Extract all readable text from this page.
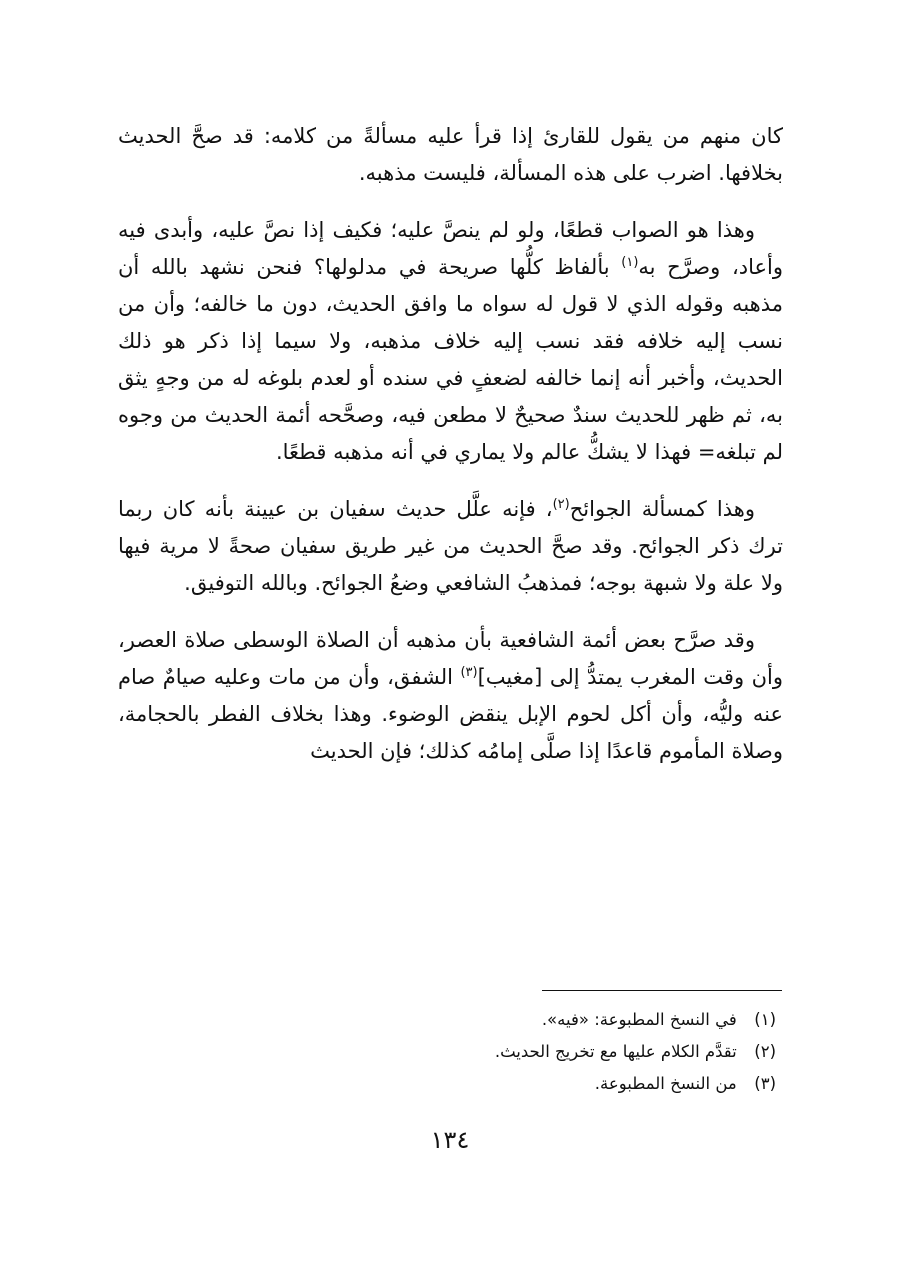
كان منهم من يقول للقارئ إذا قرأ عليه مسألةً من كلامه: قد صحَّ الحديث بخلافها. اضرب على هذه المسألة، فليست مذهبه.

وهذا هو الصواب قطعًا، ولو لم ينصَّ عليه؛ فكيف إذا نصَّ عليه، وأبدى فيه وأعاد، وصرَّح به$^{(١)}$ بألفاظ كلُّها صريحة في مدلولها؟ فنحن نشهد بالله أن مذهبه وقوله الذي لا قول له سواه ما وافق الحديث، دون ما خالفه؛ وأن من نسب إليه خلافه فقد نسب إليه خلاف مذهبه، ولا سيما إذا ذكر هو ذلك الحديث، وأخبر أنه إنما خالفه لضعفٍ في سنده أو لعدم بلوغه له من وجهٍ يثق به، ثم ظهر للحديث سندٌ صحيحٌ لا مطعن فيه، وصحَّحه أئمة الحديث من وجوه لم تبلغه= فهذا لا يشكُّ عالم ولا يماري في أنه مذهبه قطعًا.

وهذا كمسألة الجوائح$^{(٢)}$، فإنه علَّل حديث سفيان بن عيينة بأنه كان ربما ترك ذكر الجوائح. وقد صحَّ الحديث من غير طريق سفيان صحةً لا مرية فيها ولا علة ولا شبهة بوجه؛ فمذهبُ الشافعي وضعُ الجوائح. وبالله التوفيق.

وقد صرَّح بعض أئمة الشافعية بأن مذهبه أن الصلاة الوسطى صلاة العصر، وأن وقت المغرب يمتدُّ إلى [مغيب]$^{(٣)}$ الشفق، وأن من مات وعليه صيامٌ صام عنه وليُّه، وأن أكل لحوم الإبل ينقض الوضوء. وهذا بخلاف الفطر بالحجامة، وصلاة المأموم قاعدًا إذا صلَّى إمامُه كذلك؛ فإن الحديث

(١) في النسخ المطبوعة: «فيه».

(٢) تقدَّم الكلام عليها مع تخريج الحديث.

(٣) من النسخ المطبوعة.

١٣٤
